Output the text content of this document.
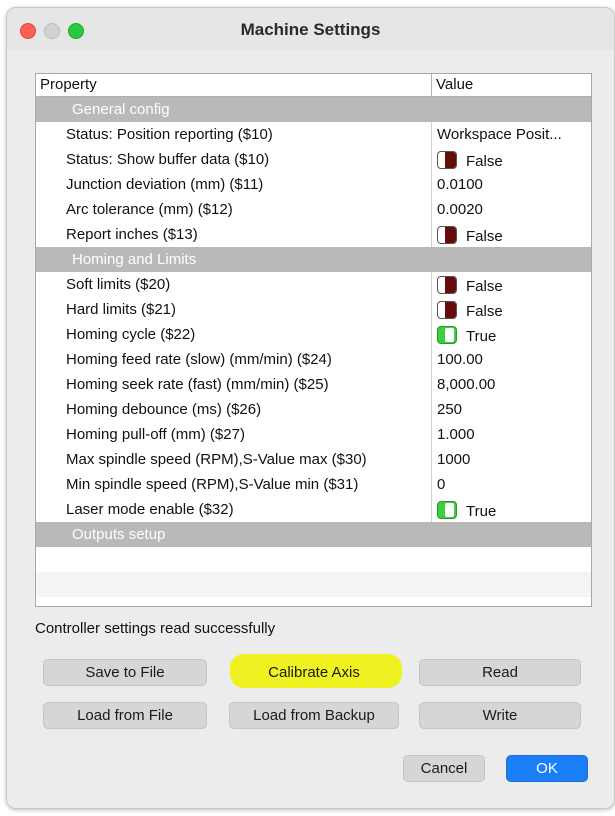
Machine Settings
Property	Value
General config
Status: Position reporting ($10)	Workspace Posit...
Status: Show buffer data ($10)	False
Junction deviation (mm) ($11)	0.0100
Arc tolerance (mm) ($12)	0.0020
Report inches ($13)	False
Homing and Limits
Soft limits ($20)	False
Hard limits ($21)	False
Homing cycle ($22)	True
Homing feed rate (slow) (mm/min) ($24)	100.00
Homing seek rate (fast) (mm/min) ($25)	8,000.00
Homing debounce (ms) ($26)	250
Homing pull-off (mm) ($27)	1.000
Max spindle speed (RPM),S-Value max ($30)	1000
Min spindle speed (RPM),S-Value min ($31)	0
Laser mode enable ($32)	True
Outputs setup
Controller settings read successfully
Save to File	Calibrate Axis	Read
Load from File	Load from Backup	Write
Cancel	OK
